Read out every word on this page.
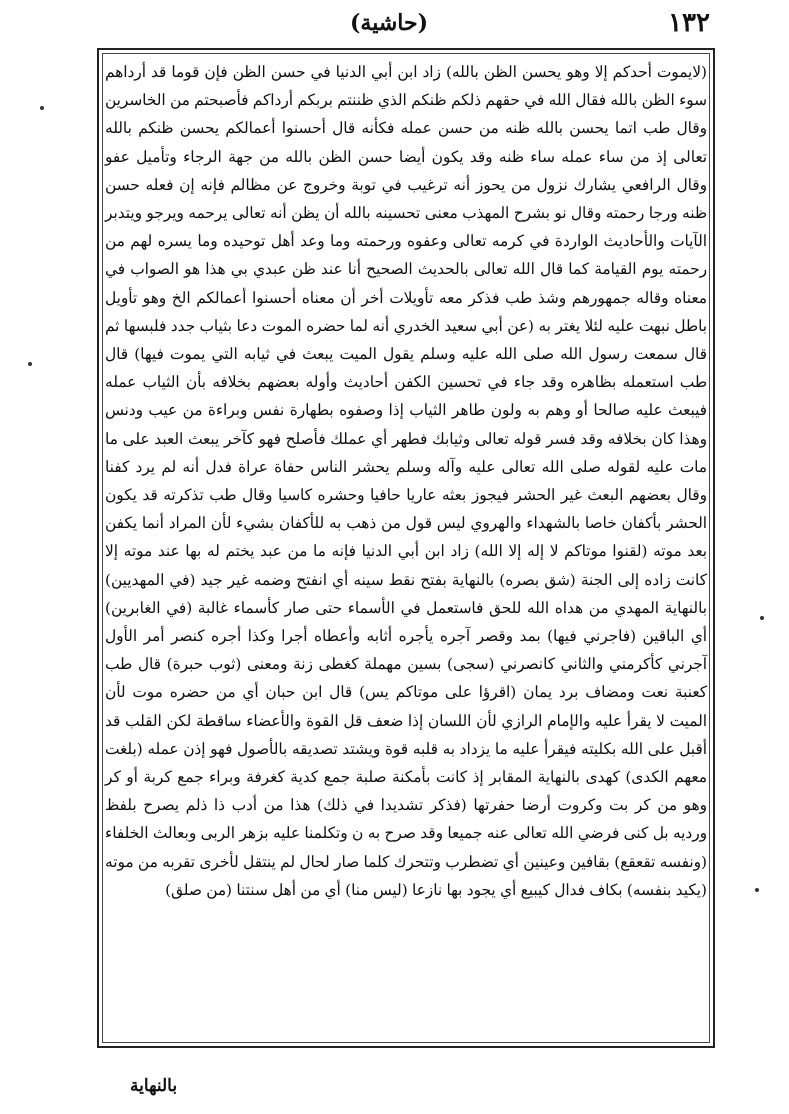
(حاشية)	١٣٢
(لايموت أحدكم إلا وهو يحسن الظن بالله) زاد ابن أبي الدنيا في حسن الظن فإن قوما قد أرداهم سوء الظن بالله فقال الله في حقهم ذلكم ظنكم الذي ظننتم بربكم أرداكم فأصبحتم من الخاسرين وقال طب اتما يحسن بالله ظنه من حسن عمله فكأنه قال أحسنوا أعمالكم يحسن ظنكم بالله تعالى إذ من ساء عمله ساء ظنه وقد يكون أيضا حسن الظن بالله من جهة الرجاء وتأميل عفو وقال الرافعي يشارك نزول من يحوز أنه ترغيب في توبة وخروج عن مظالم فإنه إن فعله حسن ظنه ورجا رحمته وقال نو بشرح المهذب معنى تحسينه بالله أن يظن أنه تعالى يرحمه ويرجو ويتدبر الآيات والأحاديث الواردة في كرمه تعالى وعفوه ورحمته وما وعد أهل توحيده وما يسره لهم من رحمته يوم القيامة كما قال الله تعالى بالحديث الصحيح أنا عند ظن عبدي بي هذا هو الصواب في معناه وقاله جمهورهم وشذ طب فذكر معه تأويلات أخر أن معناه أحسنوا أعمالكم الخ وهو تأويل باطل نبهت عليه لئلا يغتر به (عن أبي سعيد الخدري أنه لما حضره الموت دعا بثياب جدد فلبسها ثم قال سمعت رسول الله صلى الله عليه وسلم يقول الميت يبعث في ثيابه التي يموت فيها) قال طب استعمله بظاهره وقد جاء في تحسين الكفن أحاديث وأوله بعضهم بخلافه بأن الثياب عمله فيبعث عليه صالحا أو وهم به ولون طاهر الثياب إذا وصفوه بطهارة نفس وبراءة من عيب ودنس وهذا كان بخلافه وقد فسر قوله تعالى وثيابك فطهر أي عملك فأصلح فهو كآخر يبعث العبد على ما مات عليه لقوله صلى الله تعالى عليه وآله وسلم يحشر الناس حفاة عراة فدل أنه لم يرد كفنا وقال بعضهم البعث غير الحشر فيجوز بعثه عاريا حافيا وحشره كاسيا وقال طب تذكرته قد يكون الحشر بأكفان خاصا بالشهداء والهروي ليس قول من ذهب به للأكفان بشيء لأن المراد أنما يكفن بعد موته (لقنوا موتاكم لا إله إلا الله) زاد ابن أبي الدنيا فإنه ما من عبد يختم له بها عند موته إلا كانت زاده إلى الجنة (شق بصره) بالنهاية بفتح نقط سينه أي انفتح وضمه غير جيد (في المهديين) بالنهاية المهدي من هداه الله للحق فاستعمل في الأسماء حتى صار كأسماء غالبة (في الغابرين) أي الباقين (فاجرني فيها) بمد وقصر آجره يأجره أثابه وأعطاه أجرا وكذا أجره كنصر أمر الأول آجرني كأكرمني والثاني كانصرني (سجى) بسين مهملة كغطى زنة ومعنى (ثوب حبرة) قال طب كعنبة نعت ومضاف برد يمان (اقرؤا على موتاكم يس) قال ابن حبان أي من حضره موت لأن الميت لا يقرأ عليه والإمام الرازي لأن اللسان إذا ضعف قل القوة والأعضاء ساقطة لكن القلب قد أقبل على الله بكليته فيقرأ عليه ما يزداد به قلبه قوة ويشتد تصديقه بالأصول فهو إذن عمله (بلغت معهم الكدى) كهدى بالنهاية المقابر إذ كانت بأمكنة صلبة جمع كدية كغرفة وبراء جمع كربة أو كر وهو من كر بت وكروت أرضا حفرتها (فذكر تشديدا في ذلك) هذا من أدب ذا ذلم يصرح بلفظ ورديه بل كنى فرضي الله تعالى عنه جميعا وقد صرح به ن وتكلمنا عليه بزهر الربى وبعالث الخلفاء (ونفسه تقعقع) بقافين وعينين أي تضطرب وتتحرك كلما صار لحال لم ينتقل لأخرى تقربه من موته (يكيد بنفسه) بكاف فدال كيبيع أي يجود بها نازعا (ليس منا) أي من أهل سنتنا (من صلق)
بالنهاية
